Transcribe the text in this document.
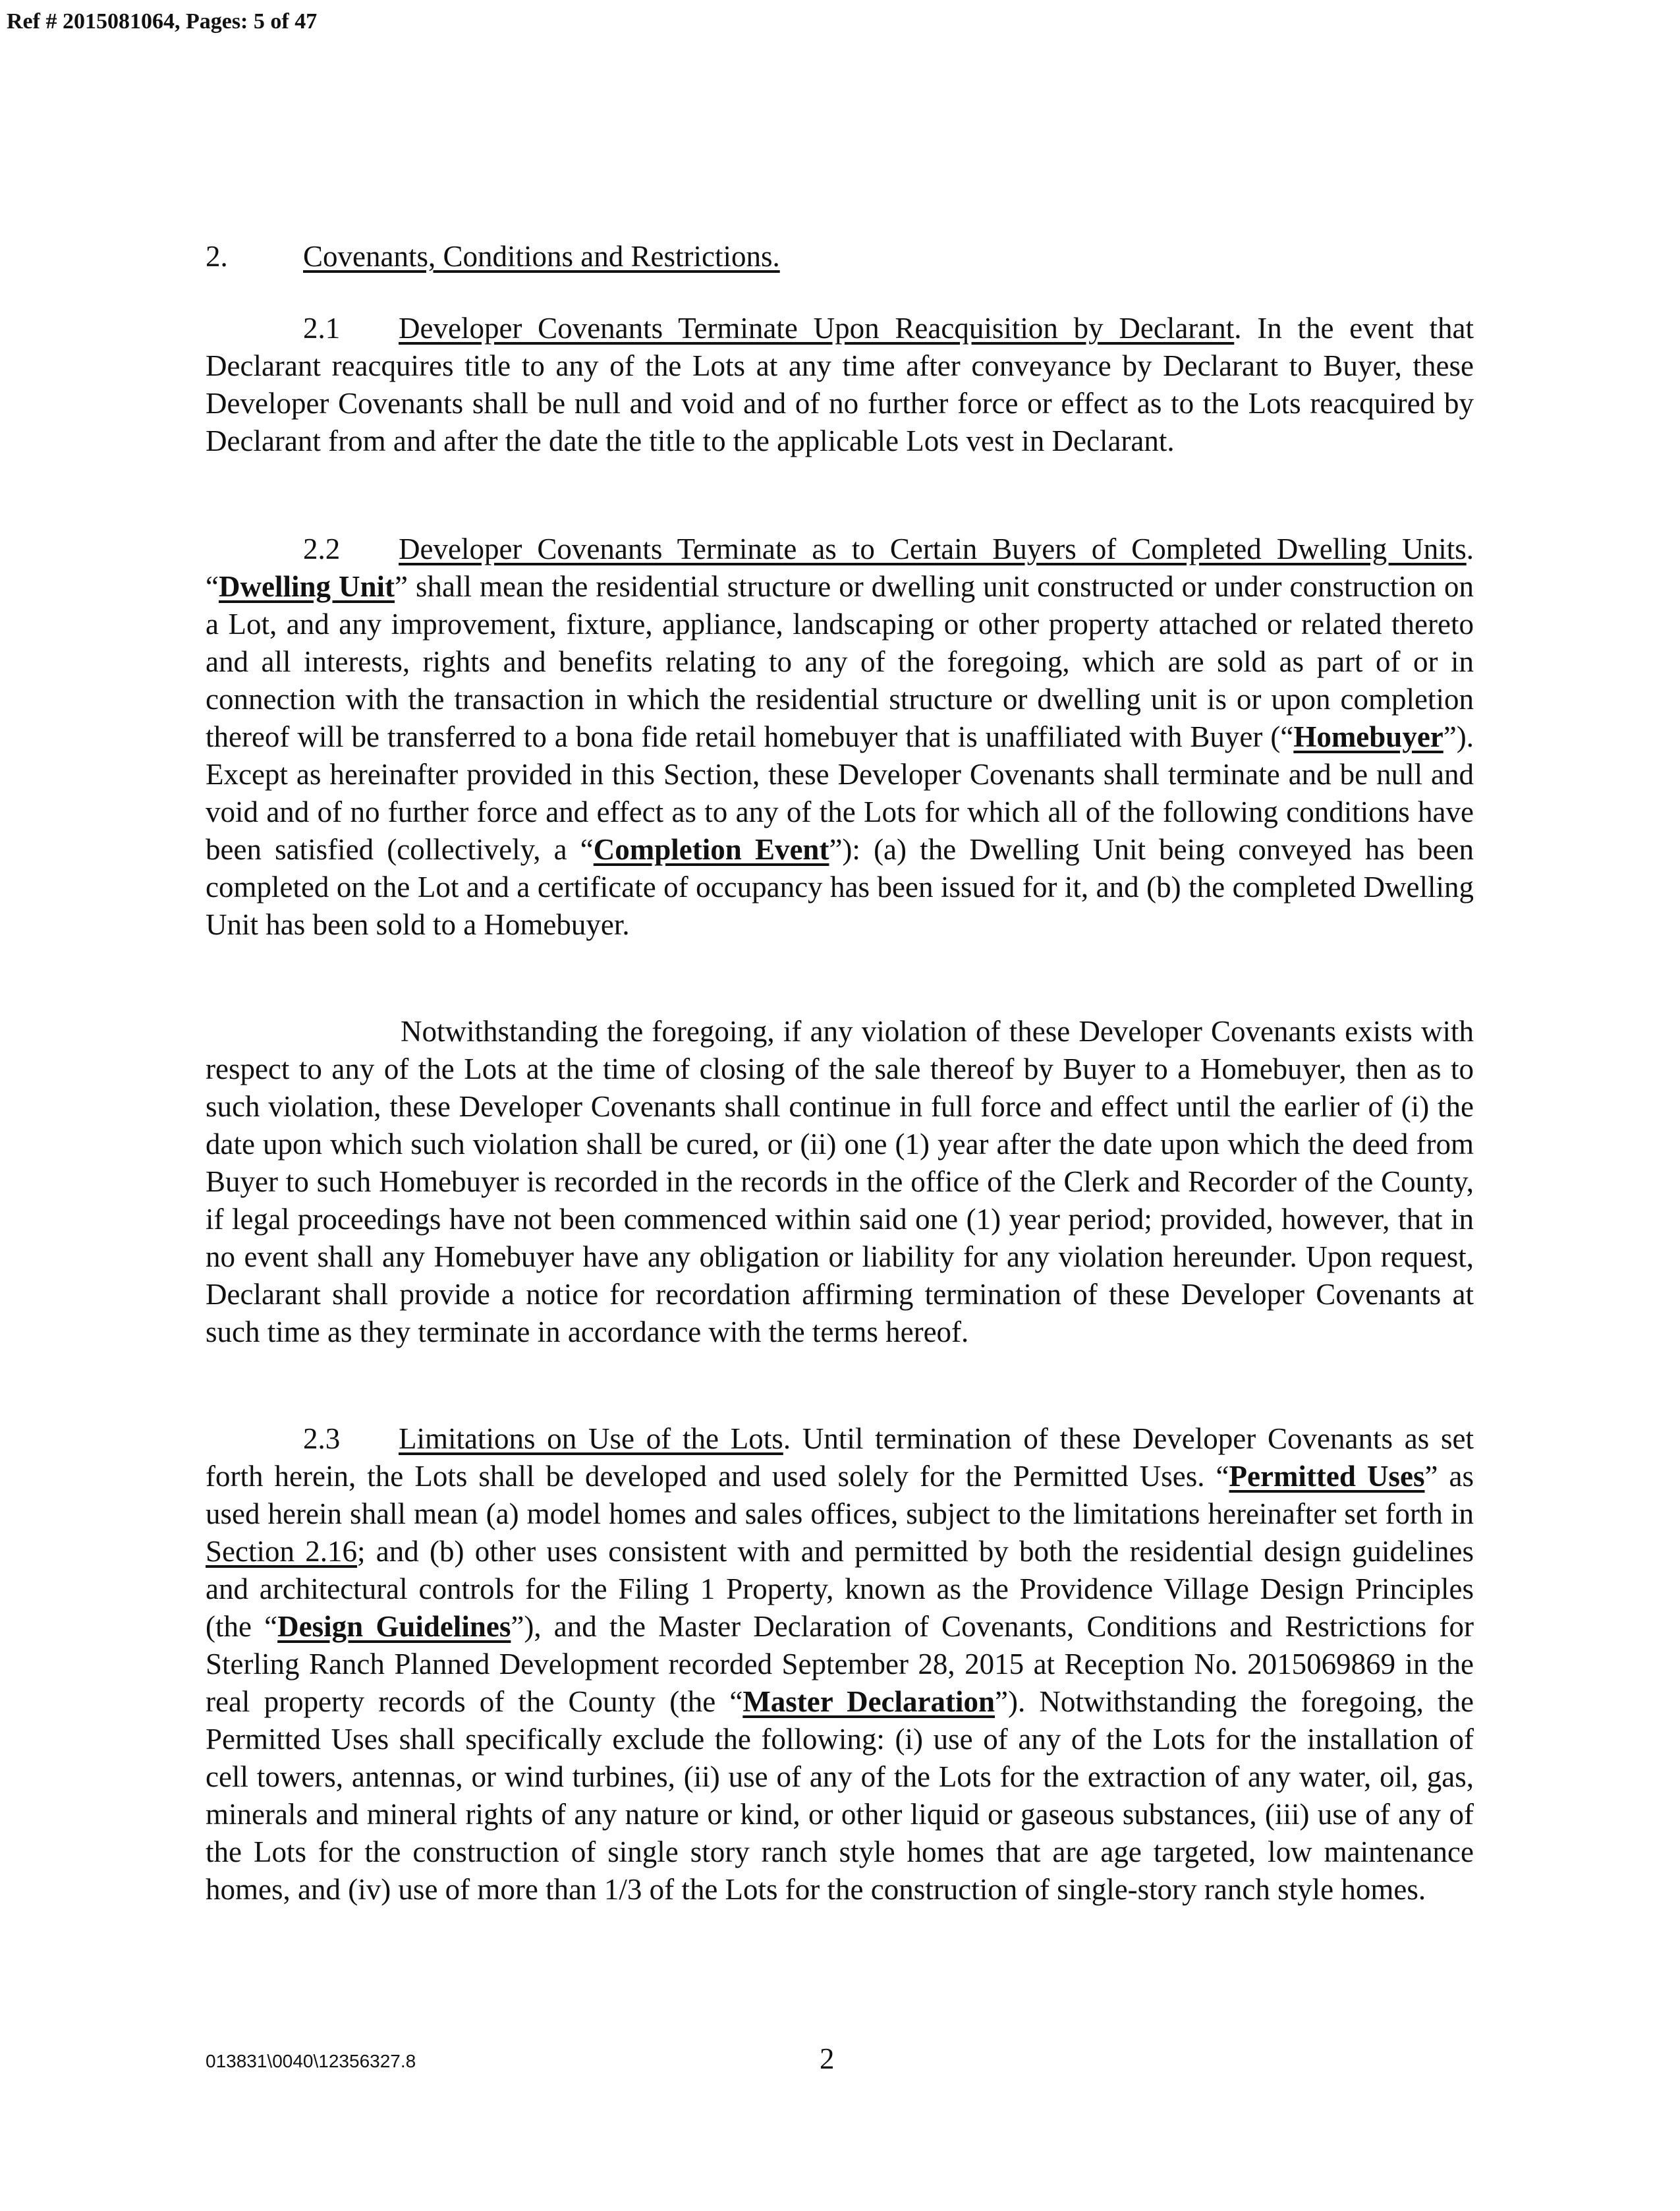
Ref # 2015081064, Pages: 5 of 47
2.	Covenants, Conditions and Restrictions.

2.1 Developer Covenants Terminate Upon Reacquisition by Declarant. In the event that Declarant reacquires title to any of the Lots at any time after conveyance by Declarant to Buyer, these Developer Covenants shall be null and void and of no further force or effect as to the Lots reacquired by Declarant from and after the date the title to the applicable Lots vest in Declarant.

2.2 Developer Covenants Terminate as to Certain Buyers of Completed Dwelling Units. “Dwelling Unit” shall mean the residential structure or dwelling unit constructed or under construction on a Lot, and any improvement, fixture, appliance, landscaping or other property attached or related thereto and all interests, rights and benefits relating to any of the foregoing, which are sold as part of or in connection with the transaction in which the residential structure or dwelling unit is or upon completion thereof will be transferred to a bona fide retail homebuyer that is unaffiliated with Buyer (“Homebuyer”). Except as hereinafter provided in this Section, these Developer Covenants shall terminate and be null and void and of no further force and effect as to any of the Lots for which all of the following conditions have been satisfied (collectively, a “Completion Event”): (a) the Dwelling Unit being conveyed has been completed on the Lot and a certificate of occupancy has been issued for it, and (b) the completed Dwelling Unit has been sold to a Homebuyer.

Notwithstanding the foregoing, if any violation of these Developer Covenants exists with respect to any of the Lots at the time of closing of the sale thereof by Buyer to a Homebuyer, then as to such violation, these Developer Covenants shall continue in full force and effect until the earlier of (i) the date upon which such violation shall be cured, or (ii) one (1) year after the date upon which the deed from Buyer to such Homebuyer is recorded in the records in the office of the Clerk and Recorder of the County, if legal proceedings have not been commenced within said one (1) year period; provided, however, that in no event shall any Homebuyer have any obligation or liability for any violation hereunder. Upon request, Declarant shall provide a notice for recordation affirming termination of these Developer Covenants at such time as they terminate in accordance with the terms hereof.

2.3 Limitations on Use of the Lots. Until termination of these Developer Covenants as set forth herein, the Lots shall be developed and used solely for the Permitted Uses. “Permitted Uses” as used herein shall mean (a) model homes and sales offices, subject to the limitations hereinafter set forth in Section 2.16; and (b) other uses consistent with and permitted by both the residential design guidelines and architectural controls for the Filing 1 Property, known as the Providence Village Design Principles (the “Design Guidelines”), and the Master Declaration of Covenants, Conditions and Restrictions for Sterling Ranch Planned Development recorded September 28, 2015 at Reception No. 2015069869 in the real property records of the County (the “Master Declaration”). Notwithstanding the foregoing, the Permitted Uses shall specifically exclude the following: (i) use of any of the Lots for the installation of cell towers, antennas, or wind turbines, (ii) use of any of the Lots for the extraction of any water, oil, gas, minerals and mineral rights of any nature or kind, or other liquid or gaseous substances, (iii) use of any of the Lots for the construction of single story ranch style homes that are age targeted, low maintenance homes, and (iv) use of more than 1/3 of the Lots for the construction of single-story ranch style homes.

013831\0040\12356327.8	2
